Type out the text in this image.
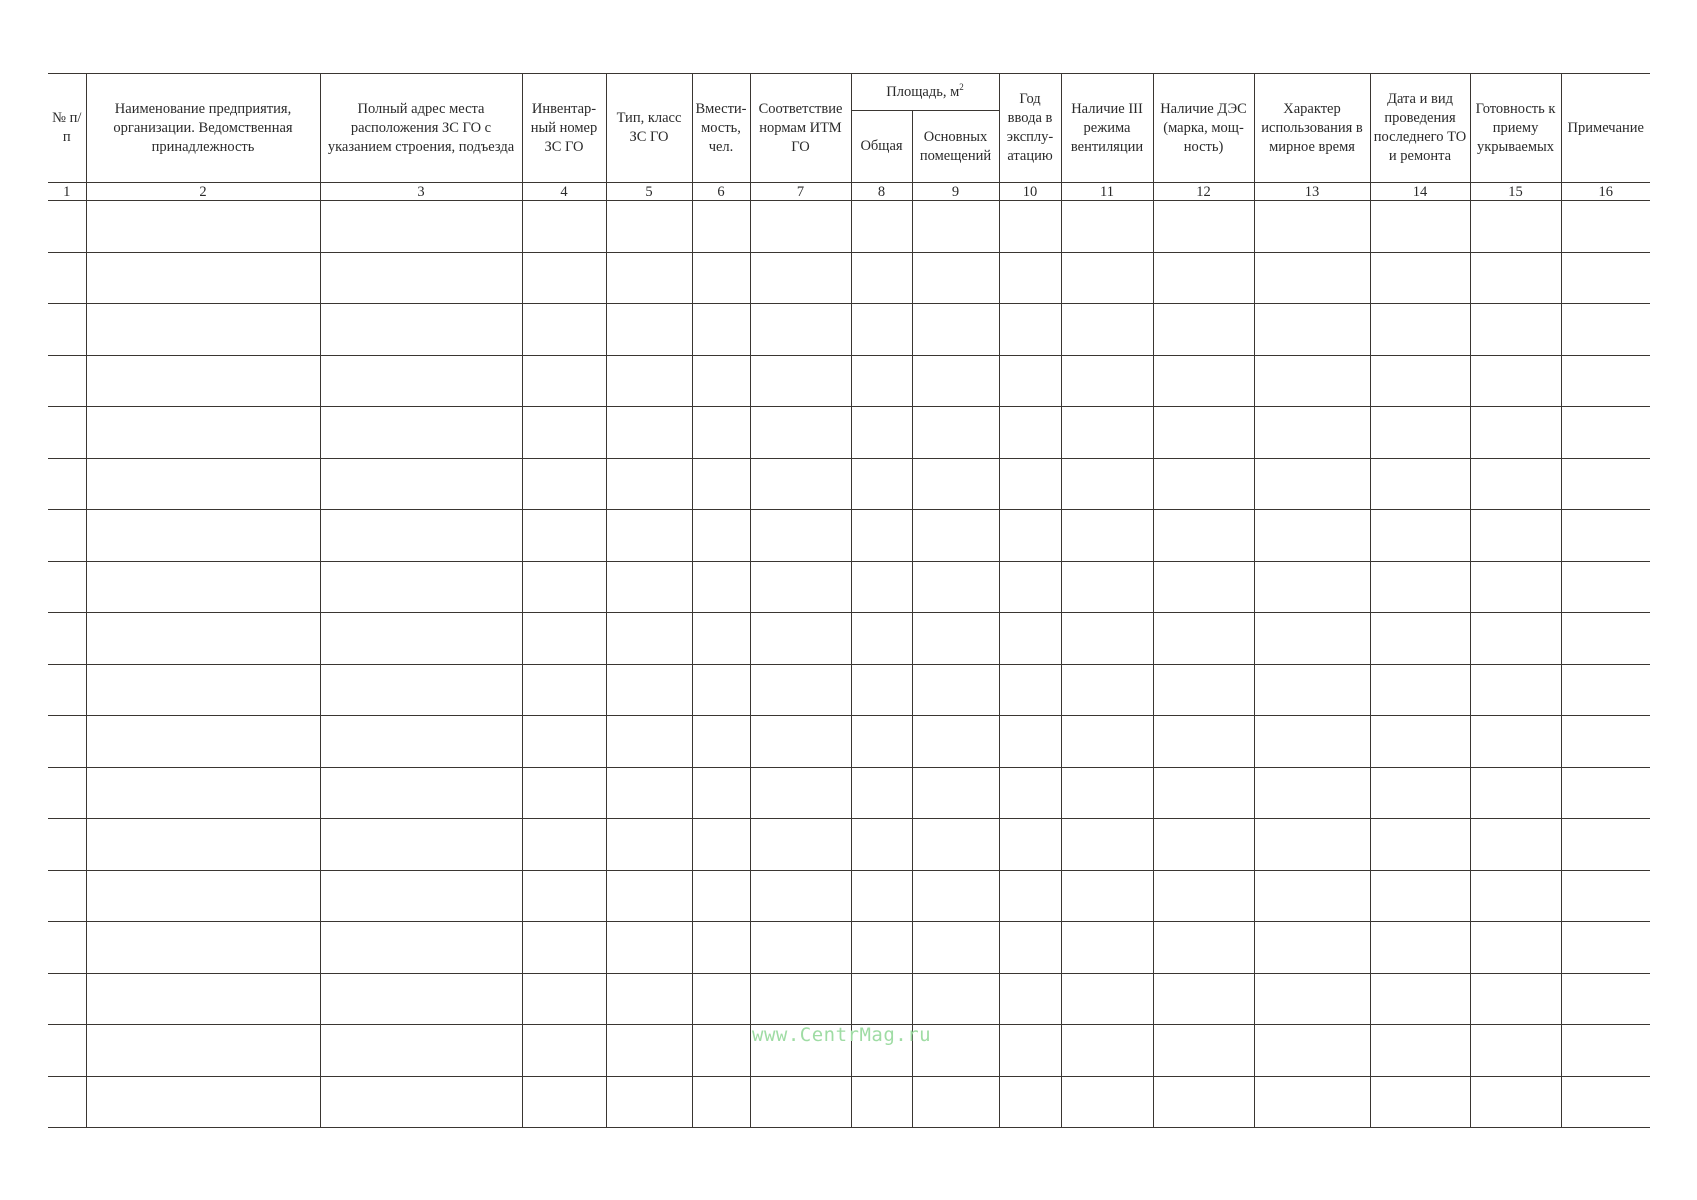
№ п/п	Наименование предприятия, организации. Ведомственная принадлежность	Полный адрес места расположения ЗС ГО с указанием строения, подъезда	Инвентар-ный номер ЗС ГО	Тип, класс ЗС ГО	Вмести-мость, чел.	Соответствие нормам ИТМ ГО	Площадь, $м^2$		Год ввода в эксплу-атацию	Наличие III режима вентиляции	Наличие ДЭС (марка, мощ-ность)	Характер использования в мирное время	Дата и вид проведения последнего ТО и ремонта	Готовность к приему укрываемых	Примечание
							Общая	Основных помещений							
1	2	3	4	5	6	7	8	9	10	11	12	13	14	15	16

www.CentrMag.ru
